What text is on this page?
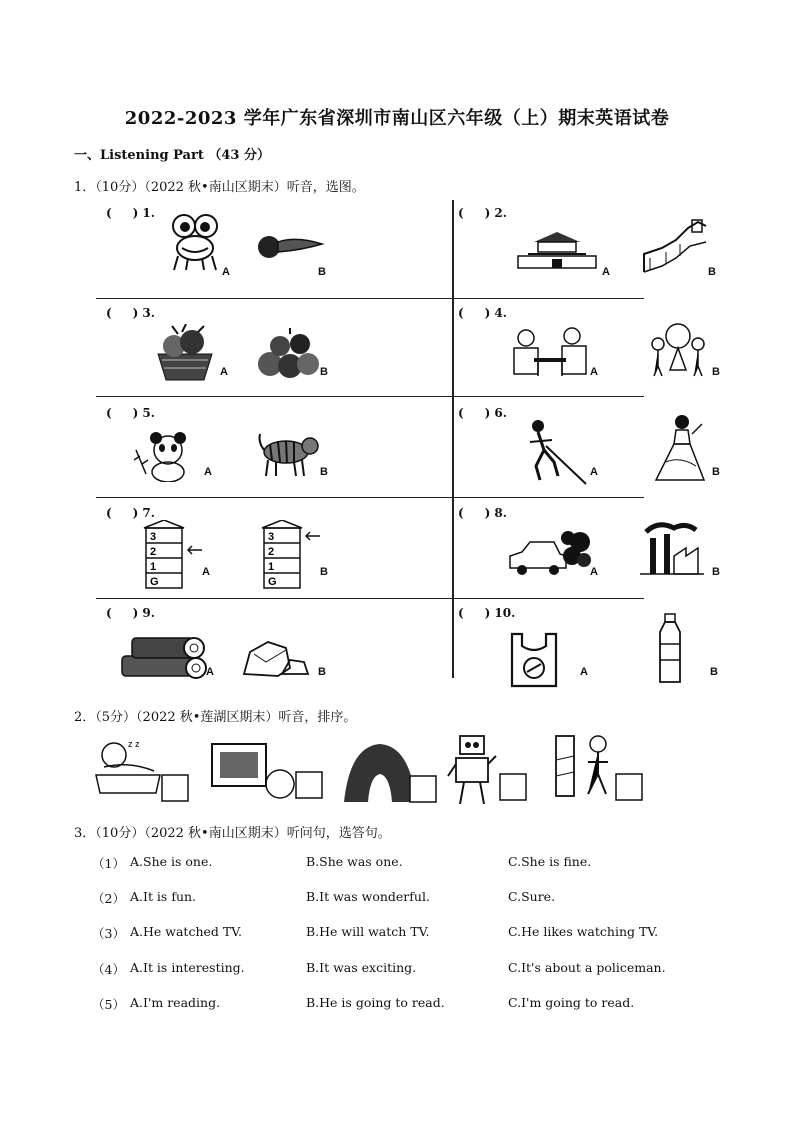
2022-2023 学年广东省深圳市南山区六年级（上）期末英语试卷
一、Listening Part （43 分）
1．（10分）（2022 秋•南山区期末）听音，选图。
(     ) 1.
A	B
(     ) 2.
A	B
(     ) 3.
A	B
(     ) 4.
A	B
(     ) 5.
A	B
(     ) 6.
A	B
(     ) 7.
3
2
1
G
A
3
2
1
G
B
(     ) 8.
A	B
(     ) 9.
A	B
(     ) 10.
A	B
2．（5分）（2022 秋•莲湖区期末）听音，排序。
z z
3．（10分）（2022 秋•南山区期末）听问句，选答句。
（1） A.She is one.	B.She was one.	C.She is fine.
（2） A.It is fun.	B.It was wonderful.	C.Sure.
（3） A.He watched TV.	B.He will watch TV.	C.He likes watching TV.
（4） A.It is interesting.	B.It was exciting.	C.It's about a policeman.
（5） A.I'm reading.	B.He is going to read.	C.I'm going to read.
